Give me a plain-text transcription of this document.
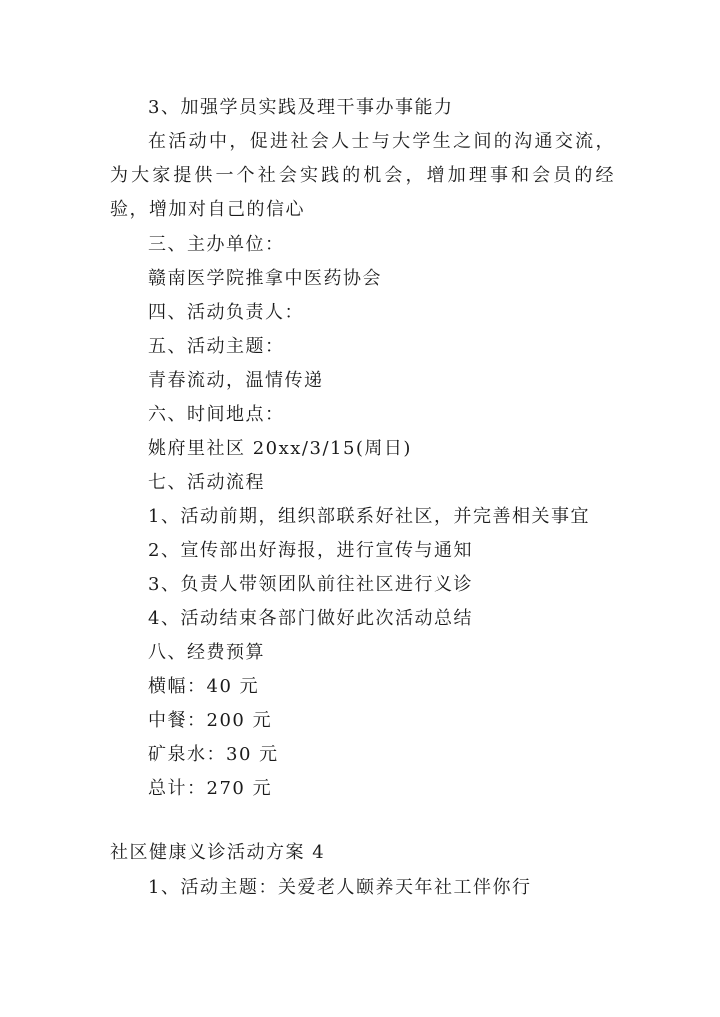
3、加强学员实践及理干事办事能力
在活动中，促进社会人士与大学生之间的沟通交流，为大家提供一个社会实践的机会，增加理事和会员的经验，增加对自己的信心
三、主办单位：
赣南医学院推拿中医药协会
四、活动负责人：
五、活动主题：
青春流动，温情传递
六、时间地点：
姚府里社区 20xx/3/15(周日)
七、活动流程
1、活动前期，组织部联系好社区，并完善相关事宜
2、宣传部出好海报，进行宣传与通知
3、负责人带领团队前往社区进行义诊
4、活动结束各部门做好此次活动总结
八、经费预算
横幅：40 元
中餐：200 元
矿泉水：30 元
总计：270 元
社区健康义诊活动方案 4
1、活动主题：关爱老人颐养天年社工伴你行
